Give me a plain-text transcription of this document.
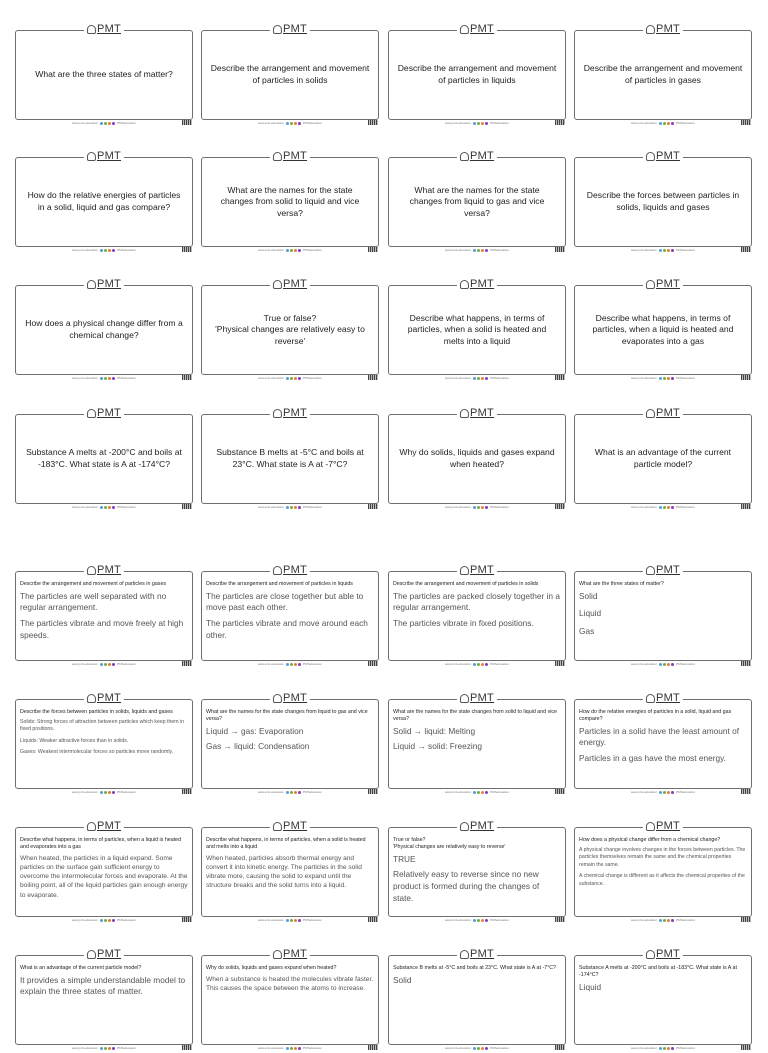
PMT
www.pmt.education	PMTeducation
What are the three states of matter?
PMT
www.pmt.education	PMTeducation
Describe the arrangement and movement of particles in solids
PMT
www.pmt.education	PMTeducation
Describe the arrangement and movement of particles in liquids
PMT
www.pmt.education	PMTeducation
Describe the arrangement and movement of particles in gases
PMT
www.pmt.education	PMTeducation
How do the relative energies of particles in a solid, liquid and gas compare?
PMT
www.pmt.education	PMTeducation
What are the names for the state changes from solid to liquid and vice versa?
PMT
www.pmt.education	PMTeducation
What are the names for the state changes from liquid to gas and vice versa?
PMT
www.pmt.education	PMTeducation
Describe the forces between particles in solids, liquids and gases
PMT
www.pmt.education	PMTeducation
How does a physical change differ from a chemical change?
PMT
www.pmt.education	PMTeducation
True or false?
'Physical changes are relatively easy to reverse'
PMT
www.pmt.education	PMTeducation
Describe what happens, in terms of particles, when a solid is heated and melts into a liquid
PMT
www.pmt.education	PMTeducation
Describe what happens, in terms of particles, when a liquid is heated and evaporates into a gas
PMT
www.pmt.education	PMTeducation
Substance A melts at -200°C and boils at -183°C. What state is A at -174°C?
PMT
www.pmt.education	PMTeducation
Substance B melts at -5°C and boils at 23°C. What state is A at -7°C?
PMT
www.pmt.education	PMTeducation
Why do solids, liquids and gases expand when heated?
PMT
www.pmt.education	PMTeducation
What is an advantage of the current particle model?
PMT
www.pmt.education	PMTeducation
Describe the arrangement and movement of particles in gases

The particles are well separated with no regular arrangement.

The particles vibrate and move freely at high speeds.

PMT
www.pmt.education	PMTeducation
Describe the arrangement and movement of particles in liquids

The particles are close together but able to move past each other.

The particles vibrate and move around each other.

PMT
www.pmt.education	PMTeducation
Describe the arrangement and movement of particles in solids

The particles are packed closely together in a regular arrangement.

The particles vibrate in fixed positions.

PMT
www.pmt.education	PMTeducation
What are the three states of matter?

Solid

Liquid

Gas

PMT
www.pmt.education	PMTeducation
Describe the forces between particles in solids, liquids and gases

Solids: Strong forces of attraction between particles which keep them in fixed positions.

Liquids: Weaker attractive forces than in solids.

Gases: Weakest intermolecular forces so particles move randomly.

PMT
www.pmt.education	PMTeducation
What are the names for the state changes from liquid to gas and vice versa?

Liquid → gas: Evaporation

Gas → liquid: Condensation

PMT
www.pmt.education	PMTeducation
What are the names for the state changes from solid to liquid and vice versa?

Solid → liquid: Melting

Liquid → solid: Freezing

PMT
www.pmt.education	PMTeducation
How do the relative energies of particles in a solid, liquid and gas compare?

Particles in a solid have the least amount of energy.

Particles in a gas have the most energy.

PMT
www.pmt.education	PMTeducation
Describe what happens, in terms of particles, when a liquid is heated and evaporates into a gas

When heated, the particles in a liquid expand. Some particles on the surface gain sufficient energy to overcome the intermolecular forces and evaporate. At the boiling point, all of the liquid particles gain enough energy to evaporate.

PMT
www.pmt.education	PMTeducation
Describe what happens, in terms of particles, when a solid is heated and melts into a liquid

When heated, particles absorb thermal energy and convert it into kinetic energy. The particles in the solid vibrate more, causing the solid to expand until the structure breaks and the solid turns into a liquid.

PMT
www.pmt.education	PMTeducation
True or false?
'Physical changes are relatively easy to reverse'

TRUE

Relatively easy to reverse since no new product is formed during the changes of state.

PMT
www.pmt.education	PMTeducation
How does a physical change differ from a chemical change?

A physical change involves changes in the forces between particles. The particles themselves remain the same and the chemical properties remain the same.

A chemical change is different as it affects the chemical properties of the substance.

PMT
www.pmt.education	PMTeducation
What is an advantage of the current particle model?

It provides a simple understandable model to explain the three states of matter.

PMT
www.pmt.education	PMTeducation
Why do solids, liquids and gases expand when heated?

When a substance is heated the molecules vibrate faster. This causes the space between the atoms to increase.

PMT
www.pmt.education	PMTeducation
Substance B melts at -5°C and boils at 23°C. What state is A at -7°C?

Solid

PMT
www.pmt.education	PMTeducation
Substance A melts at -200°C and boils at -183°C. What state is A at -174°C?

Liquid
